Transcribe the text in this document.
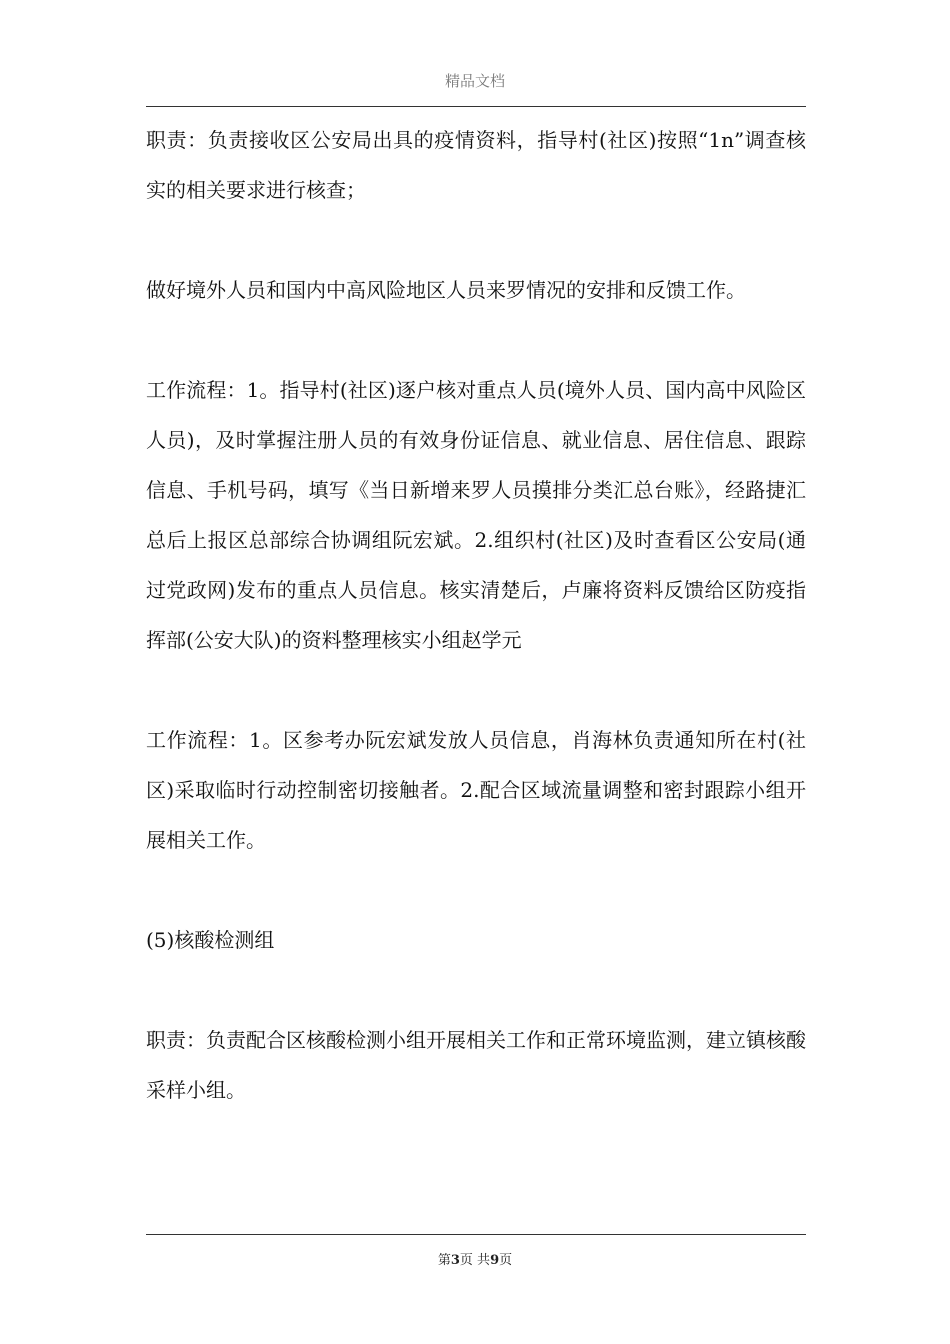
精品文档

职责：负责接收区公安局出具的疫情资料，指导村(社区)按照“1n”调查核实的相关要求进行核查；

做好境外人员和国内中高风险地区人员来罗情况的安排和反馈工作。

工作流程：1。指导村(社区)逐户核对重点人员(境外人员、国内高中风险区人员)，及时掌握注册人员的有效身份证信息、就业信息、居住信息、跟踪信息、手机号码，填写《当日新增来罗人员摸排分类汇总台账》，经路捷汇总后上报区总部综合协调组阮宏斌。2.组织村(社区)及时查看区公安局(通过党政网)发布的重点人员信息。核实清楚后，卢廉将资料反馈给区防疫指挥部(公安大队)的资料整理核实小组赵学元

工作流程：1。区参考办阮宏斌发放人员信息，肖海林负责通知所在村(社区)采取临时行动控制密切接触者。2.配合区域流量调整和密封跟踪小组开展相关工作。

(5)核酸检测组

职责：负责配合区核酸检测小组开展相关工作和正常环境监测，建立镇核酸采样小组。

第3页 共9页
